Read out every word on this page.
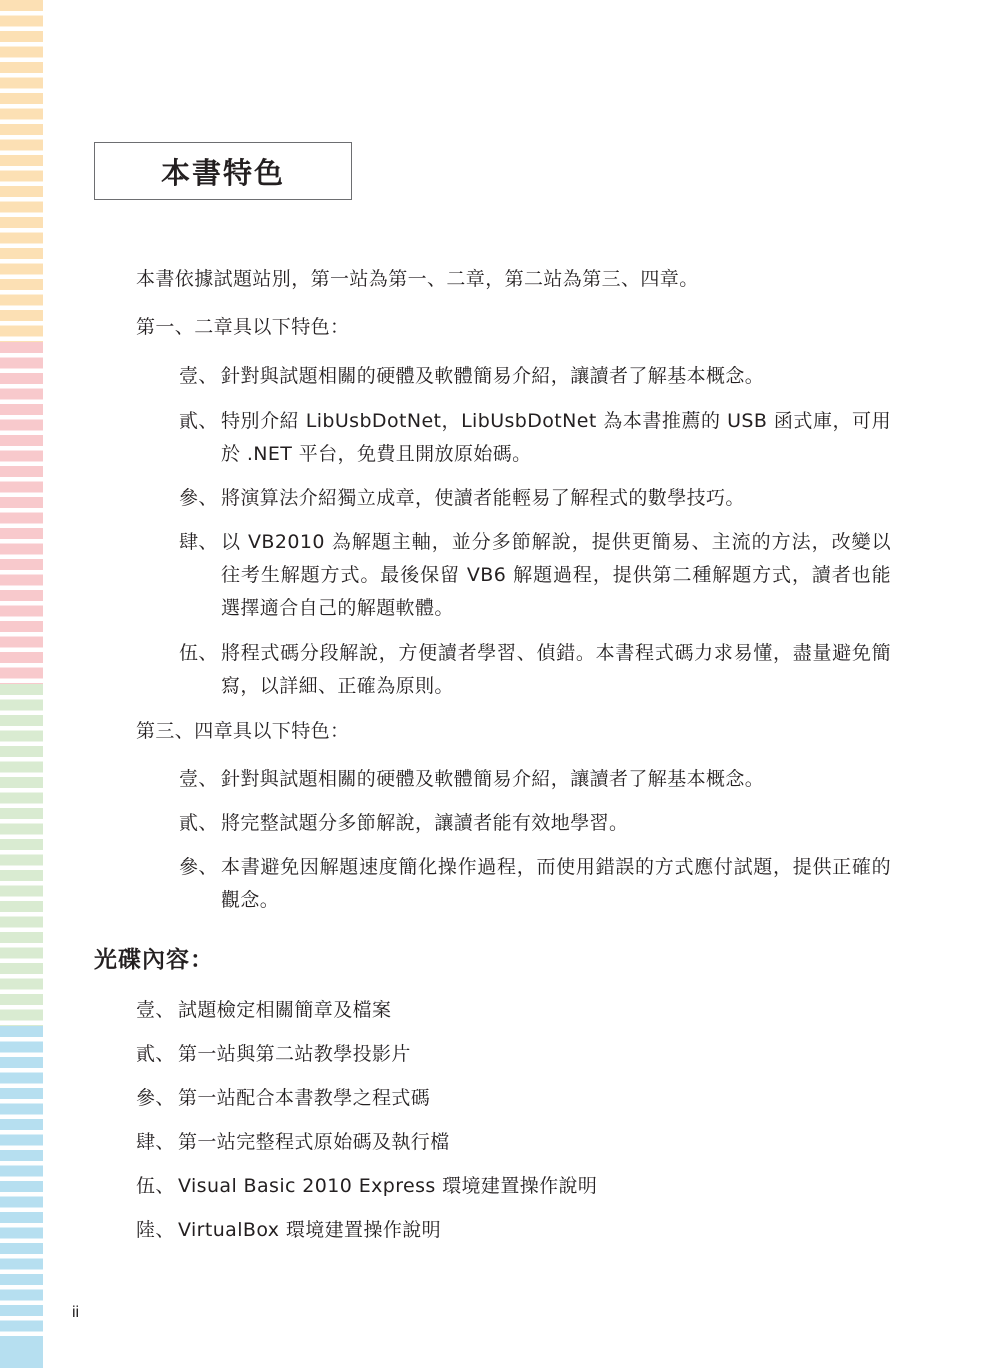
本書特色
本書依據試題站別，第一站為第一、二章，第二站為第三、四章。
第一、二章具以下特色：
壹、 針對與試題相關的硬體及軟體簡易介紹，讓讀者了解基本概念。
貳、 特別介紹 LibUsbDotNet，LibUsbDotNet 為本書推薦的 USB 函式庫，可用於 .NET 平台，免費且開放原始碼。
參、 將演算法介紹獨立成章，使讀者能輕易了解程式的數學技巧。
肆、 以 VB2010 為解題主軸，並分多節解說，提供更簡易、主流的方法，改變以往考生解題方式。最後保留 VB6 解題過程，提供第二種解題方式，讀者也能選擇適合自己的解題軟體。
伍、 將程式碼分段解說，方便讀者學習、偵錯。本書程式碼力求易懂，盡量避免簡寫，以詳細、正確為原則。
第三、四章具以下特色：
壹、 針對與試題相關的硬體及軟體簡易介紹，讓讀者了解基本概念。
貳、 將完整試題分多節解說，讓讀者能有效地學習。
參、 本書避免因解題速度簡化操作過程，而使用錯誤的方式應付試題，提供正確的觀念。
光碟內容：
壹、 試題檢定相關簡章及檔案
貳、 第一站與第二站教學投影片
參、 第一站配合本書教學之程式碼
肆、 第一站完整程式原始碼及執行檔
伍、 Visual Basic 2010 Express 環境建置操作說明
陸、 VirtualBox 環境建置操作說明
ii
